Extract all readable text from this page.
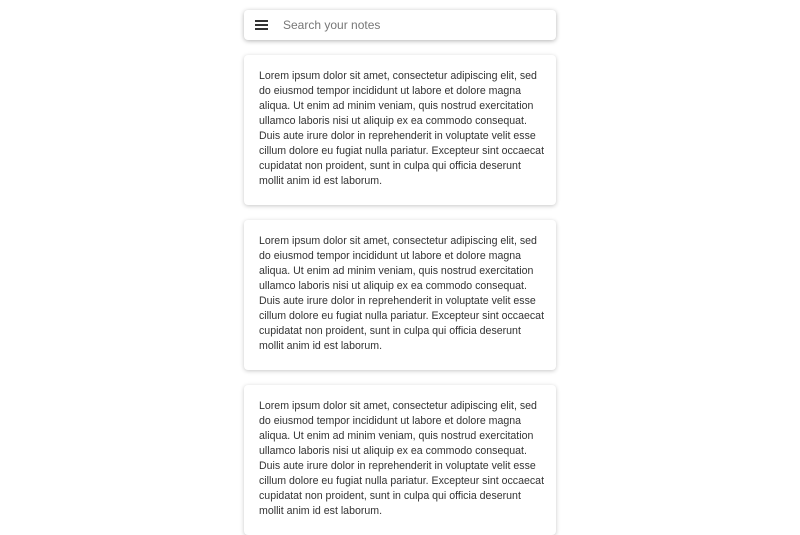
Search your notes

Lorem ipsum dolor sit amet, consectetur adipiscing elit, sed
do eiusmod tempor incididunt ut labore et dolore magna
aliqua. Ut enim ad minim veniam, quis nostrud exercitation
ullamco laboris nisi ut aliquip ex ea commodo consequat.
Duis aute irure dolor in reprehenderit in voluptate velit esse
cillum dolore eu fugiat nulla pariatur. Excepteur sint occaecat
cupidatat non proident, sunt in culpa qui officia deserunt
mollit anim id est laborum.

Lorem ipsum dolor sit amet, consectetur adipiscing elit, sed
do eiusmod tempor incididunt ut labore et dolore magna
aliqua. Ut enim ad minim veniam, quis nostrud exercitation
ullamco laboris nisi ut aliquip ex ea commodo consequat.
Duis aute irure dolor in reprehenderit in voluptate velit esse
cillum dolore eu fugiat nulla pariatur. Excepteur sint occaecat
cupidatat non proident, sunt in culpa qui officia deserunt
mollit anim id est laborum.

Lorem ipsum dolor sit amet, consectetur adipiscing elit, sed
do eiusmod tempor incididunt ut labore et dolore magna
aliqua. Ut enim ad minim veniam, quis nostrud exercitation
ullamco laboris nisi ut aliquip ex ea commodo consequat.
Duis aute irure dolor in reprehenderit in voluptate velit esse
cillum dolore eu fugiat nulla pariatur. Excepteur sint occaecat
cupidatat non proident, sunt in culpa qui officia deserunt
mollit anim id est laborum.
